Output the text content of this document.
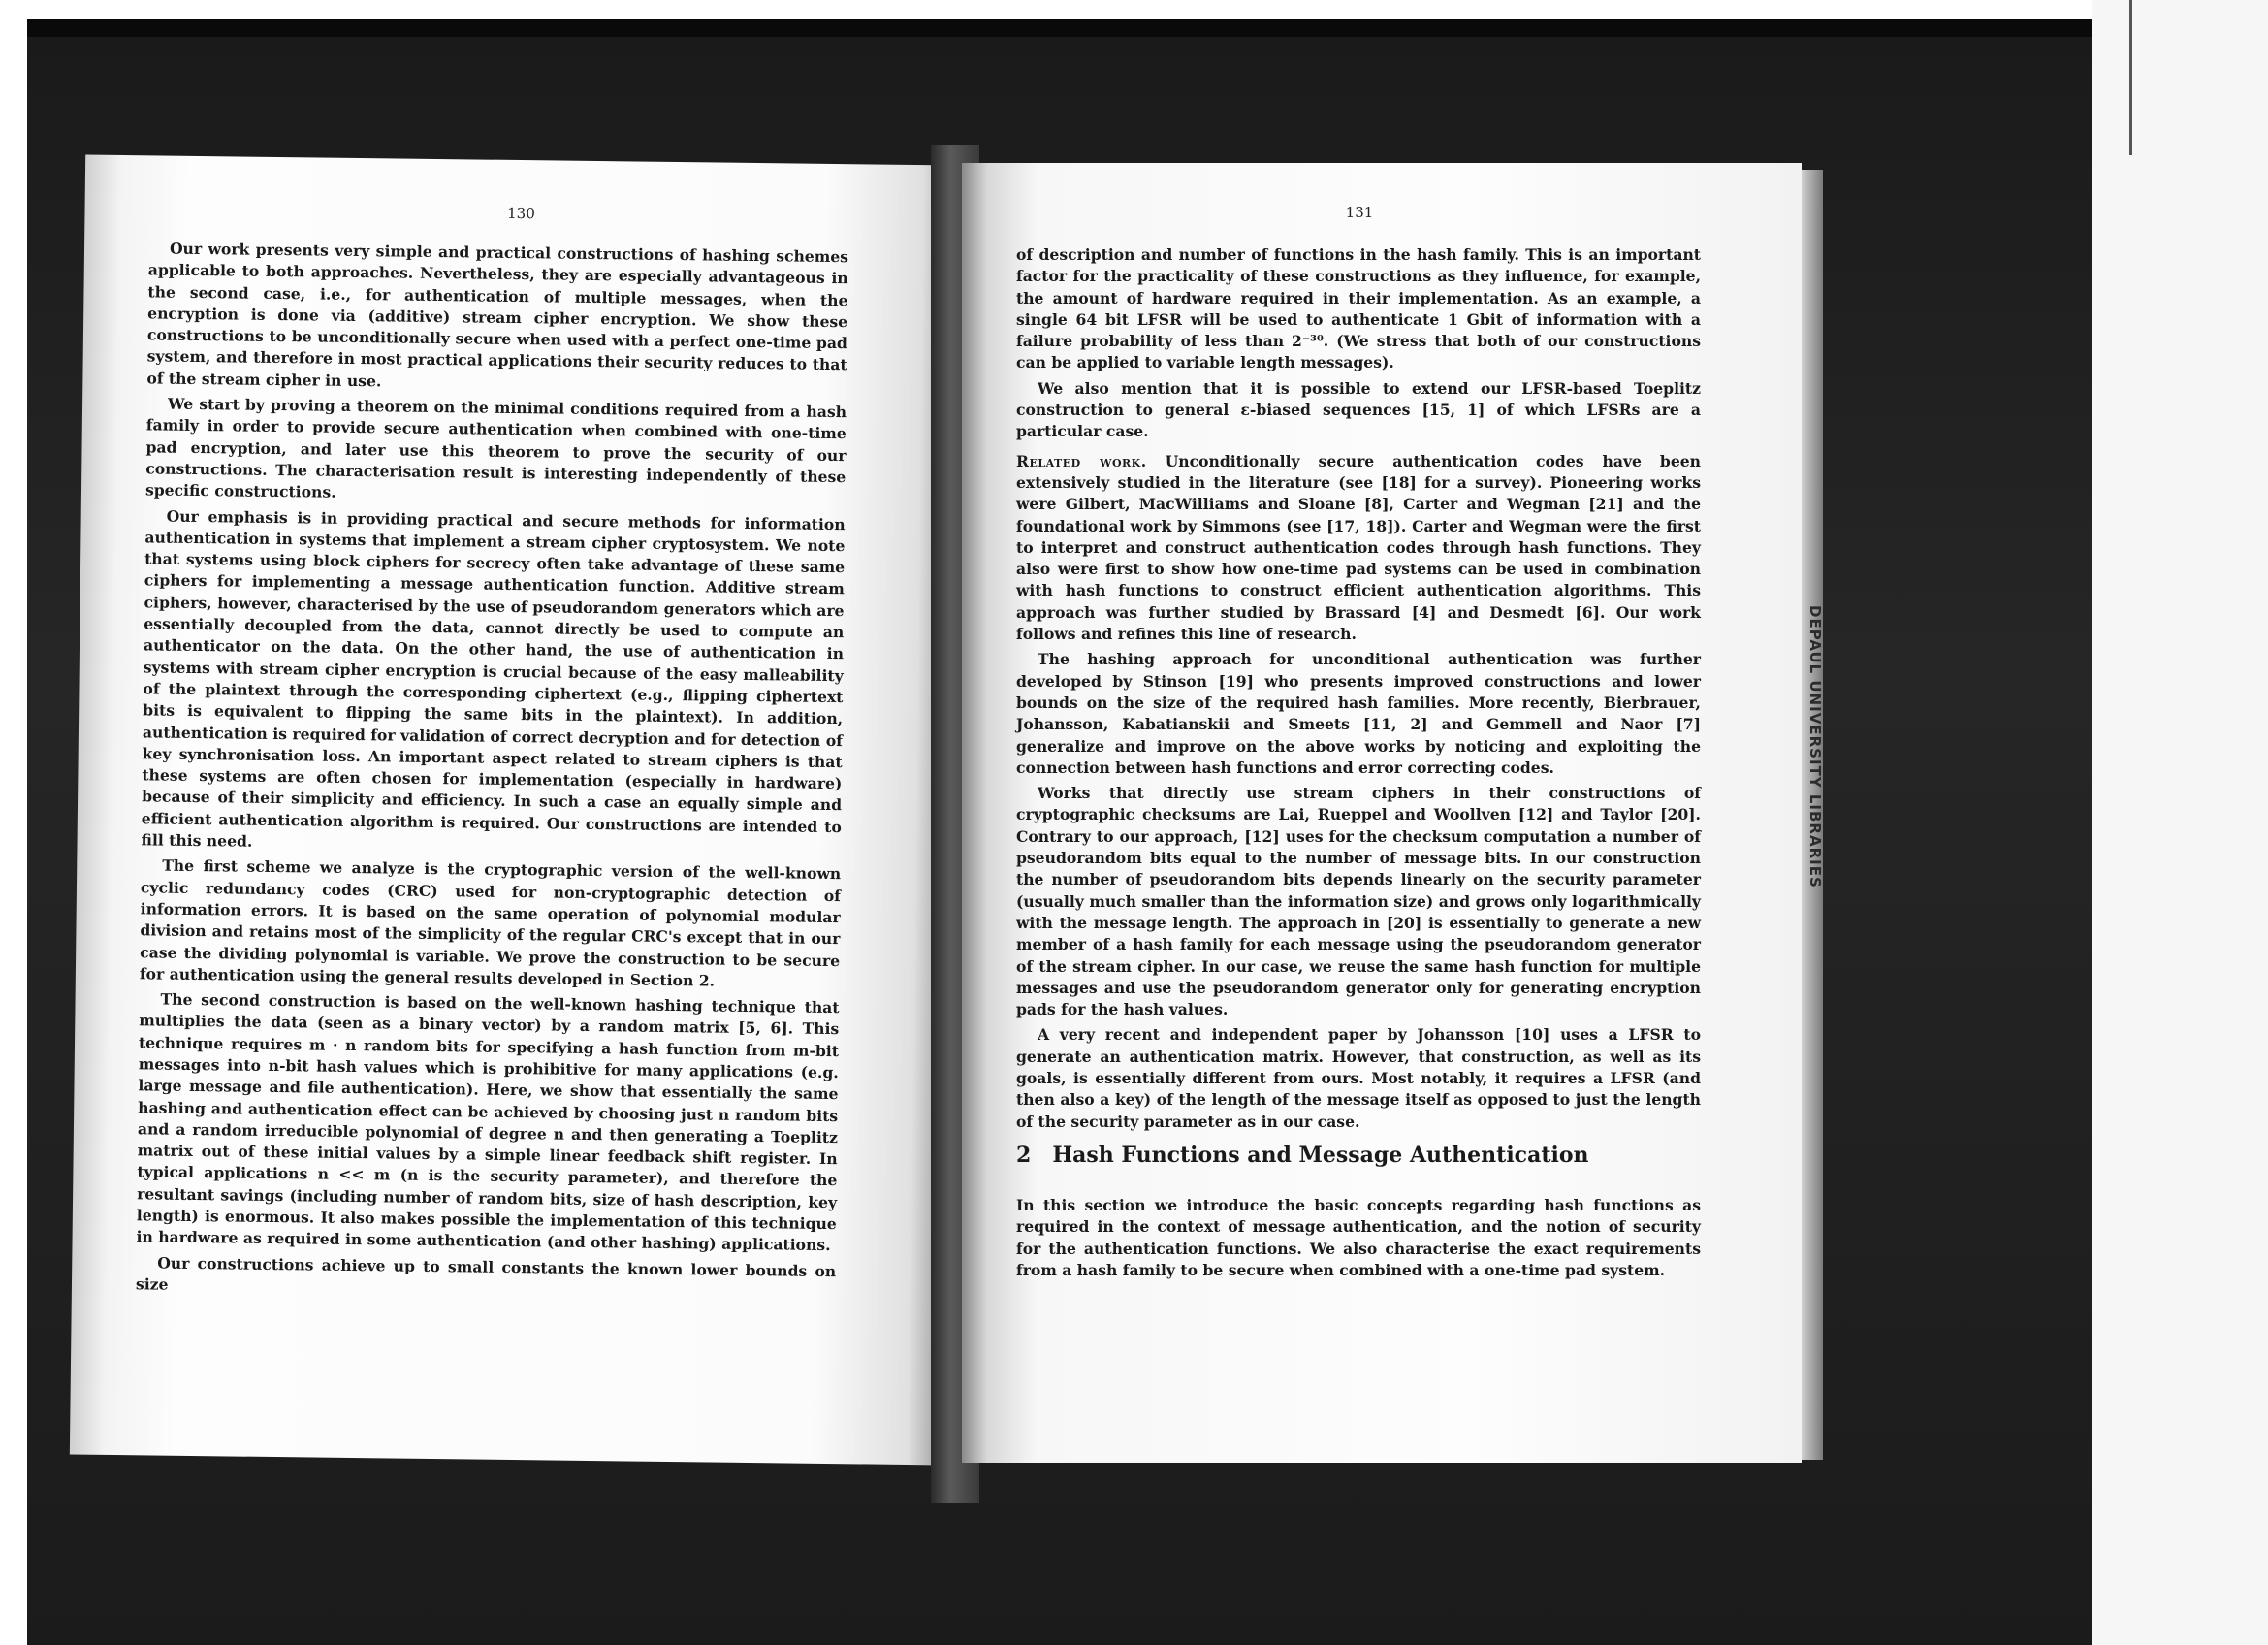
130

Our work presents very simple and practical constructions of hashing schemes applicable to both approaches. Nevertheless, they are especially advantageous in the second case, i.e., for authentication of multiple messages, when the encryption is done via (additive) stream cipher encryption. We show these constructions to be unconditionally secure when used with a perfect one-time pad system, and therefore in most practical applications their security reduces to that of the stream cipher in use.

We start by proving a theorem on the minimal conditions required from a hash family in order to provide secure authentication when combined with one-time pad encryption, and later use this theorem to prove the security of our constructions. The characterisation result is interesting independently of these specific constructions.

Our emphasis is in providing practical and secure methods for information authentication in systems that implement a stream cipher cryptosystem. We note that systems using block ciphers for secrecy often take advantage of these same ciphers for implementing a message authentication function. Additive stream ciphers, however, characterised by the use of pseudorandom generators which are essentially decoupled from the data, cannot directly be used to compute an authenticator on the data. On the other hand, the use of authentication in systems with stream cipher encryption is crucial because of the easy malleability of the plaintext through the corresponding ciphertext (e.g., flipping ciphertext bits is equivalent to flipping the same bits in the plaintext). In addition, authentication is required for validation of correct decryption and for detection of key synchronisation loss. An important aspect related to stream ciphers is that these systems are often chosen for implementation (especially in hardware) because of their simplicity and efficiency. In such a case an equally simple and efficient authentication algorithm is required. Our constructions are intended to fill this need.

The first scheme we analyze is the cryptographic version of the well-known cyclic redundancy codes (CRC) used for non-cryptographic detection of information errors. It is based on the same operation of polynomial modular division and retains most of the simplicity of the regular CRC's except that in our case the dividing polynomial is variable. We prove the construction to be secure for authentication using the general results developed in Section 2.

The second construction is based on the well-known hashing technique that multiplies the data (seen as a binary vector) by a random matrix [5, 6]. This technique requires m · n random bits for specifying a hash function from m-bit messages into n-bit hash values which is prohibitive for many applications (e.g. large message and file authentication). Here, we show that essentially the same hashing and authentication effect can be achieved by choosing just n random bits and a random irreducible polynomial of degree n and then generating a Toeplitz matrix out of these initial values by a simple linear feedback shift register. In typical applications n << m (n is the security parameter), and therefore the resultant savings (including number of random bits, size of hash description, key length) is enormous. It also makes possible the implementation of this technique in hardware as required in some authentication (and other hashing) applications.

Our constructions achieve up to small constants the known lower bounds on size

131

of description and number of functions in the hash family. This is an important factor for the practicality of these constructions as they influence, for example, the amount of hardware required in their implementation. As an example, a single 64 bit LFSR will be used to authenticate 1 Gbit of information with a failure probability of less than 2⁻³⁰. (We stress that both of our constructions can be applied to variable length messages).

We also mention that it is possible to extend our LFSR-based Toeplitz construction to general ε-biased sequences [15, 1] of which LFSRs are a particular case.

Related work. Unconditionally secure authentication codes have been extensively studied in the literature (see [18] for a survey). Pioneering works were Gilbert, MacWilliams and Sloane [8], Carter and Wegman [21] and the foundational work by Simmons (see [17, 18]). Carter and Wegman were the first to interpret and construct authentication codes through hash functions. They also were first to show how one-time pad systems can be used in combination with hash functions to construct efficient authentication algorithms. This approach was further studied by Brassard [4] and Desmedt [6]. Our work follows and refines this line of research.

The hashing approach for unconditional authentication was further developed by Stinson [19] who presents improved constructions and lower bounds on the size of the required hash families. More recently, Bierbrauer, Johansson, Kabatianskii and Smeets [11, 2] and Gemmell and Naor [7] generalize and improve on the above works by noticing and exploiting the connection between hash functions and error correcting codes.

Works that directly use stream ciphers in their constructions of cryptographic checksums are Lai, Rueppel and Woollven [12] and Taylor [20]. Contrary to our approach, [12] uses for the checksum computation a number of pseudorandom bits equal to the number of message bits. In our construction the number of pseudorandom bits depends linearly on the security parameter (usually much smaller than the information size) and grows only logarithmically with the message length. The approach in [20] is essentially to generate a new member of a hash family for each message using the pseudorandom generator of the stream cipher. In our case, we reuse the same hash function for multiple messages and use the pseudorandom generator only for generating encryption pads for the hash values.

A very recent and independent paper by Johansson [10] uses a LFSR to generate an authentication matrix. However, that construction, as well as its goals, is essentially different from ours. Most notably, it requires a LFSR (and then also a key) of the length of the message itself as opposed to just the length of the security parameter as in our case.

2 Hash Functions and Message Authentication

In this section we introduce the basic concepts regarding hash functions as required in the context of message authentication, and the notion of security for the authentication functions. We also characterise the exact requirements from a hash family to be secure when combined with a one-time pad system.

DEPAUL UNIVERSITY LIBRARIES
